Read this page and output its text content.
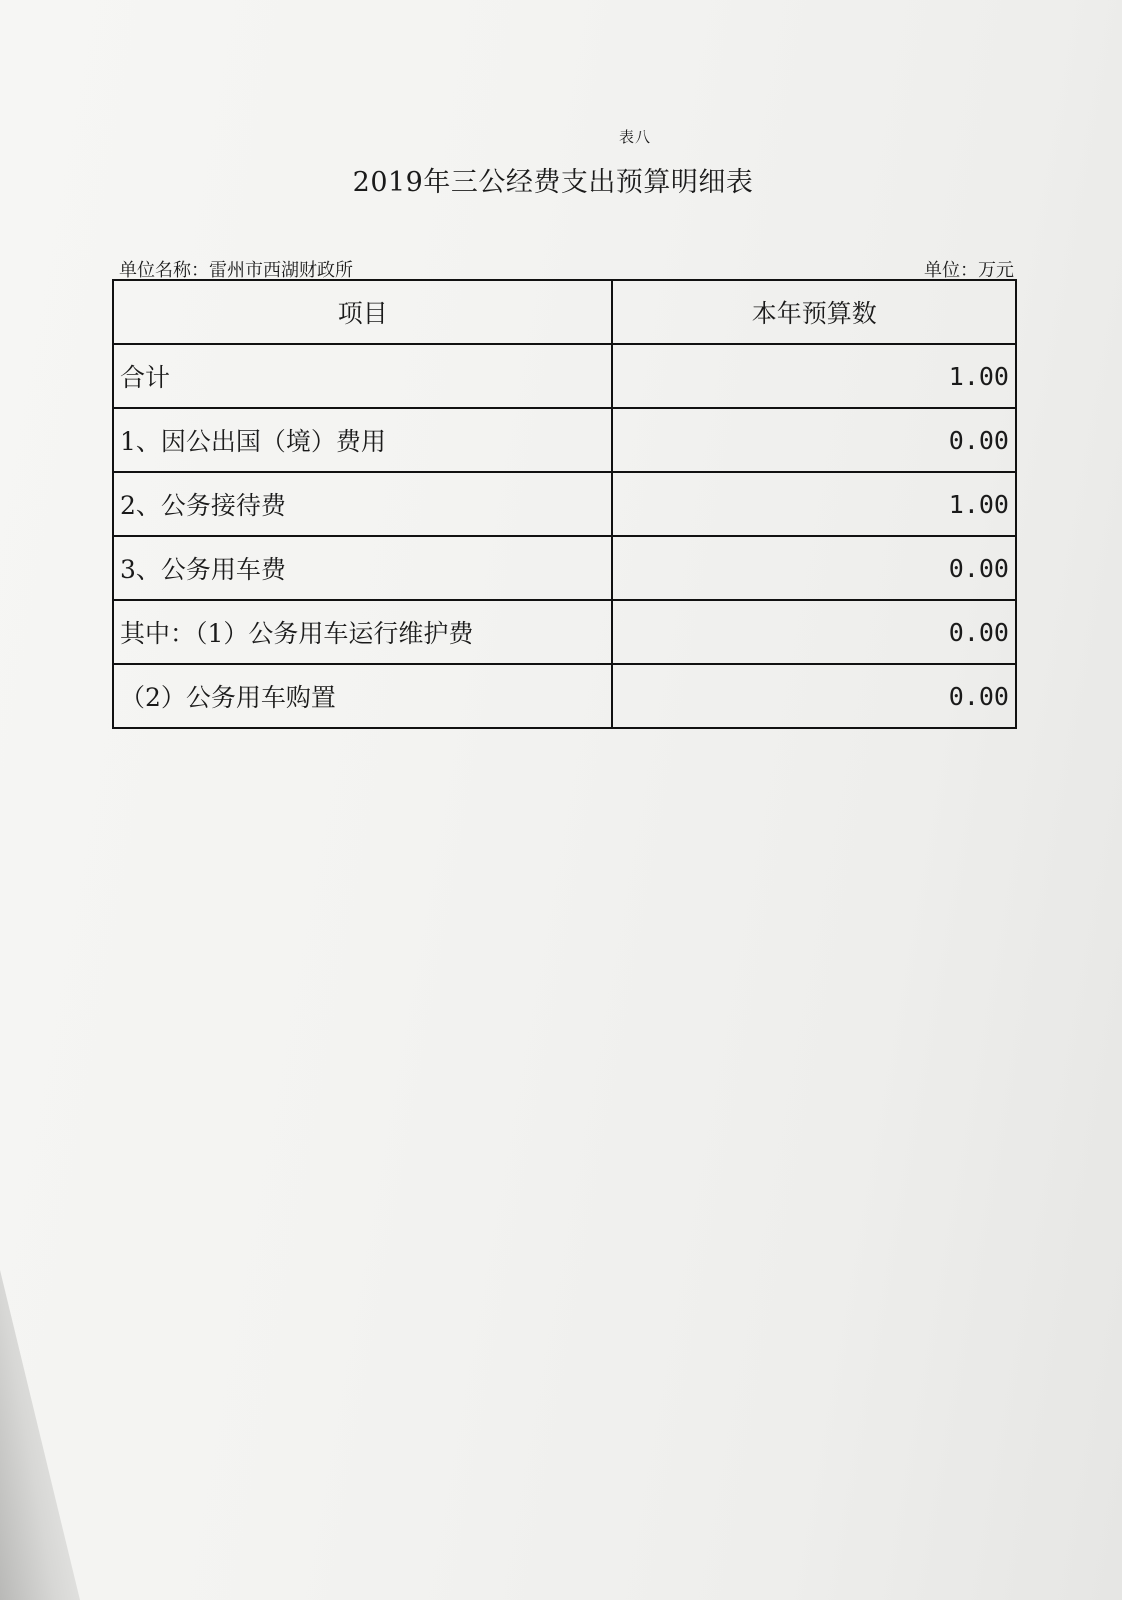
表八
2019年三公经费支出预算明细表
单位名称：雷州市西湖财政所	单位：万元
项目	本年预算数
合计	1.00
1、因公出国（境）费用	0.00
2、公务接待费	1.00
3、公务用车费	0.00
其中：（1）公务用车运行维护费	0.00
（2）公务用车购置	0.00
